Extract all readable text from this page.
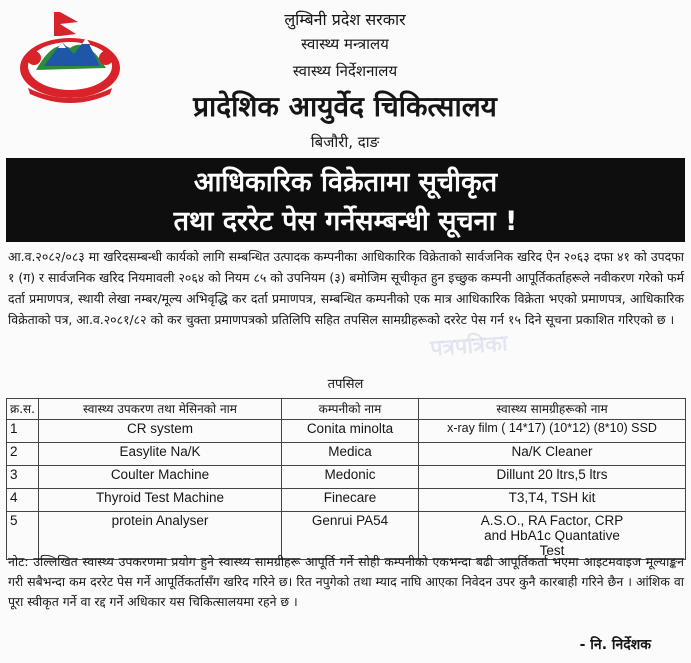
लुम्बिनी प्रदेश सरकार
स्वास्थ्य मन्त्रालय
स्वास्थ्य निर्देशनालय
प्रादेशिक आयुर्वेद चिकित्सालय
बिजौरी, दाङ
आधिकारिक विक्रेतामा सूचीकृत
तथा दररेट पेस गर्नेसम्बन्धी सूचना !
आ.व.२०८२/०८३ मा खरिदसम्बन्धी कार्यको लागि सम्बन्धित उत्पादक कम्पनीका आधिकारिक विक्रेताको सार्वजनिक खरिद ऐन २०६३ दफा ४१ को उपदफा १ (ग) र सार्वजनिक खरिद नियमावली २०६४ को नियम ८५ को उपनियम (३) बमोजिम सूचीकृत हुन इच्छुक कम्पनी आपूर्तिकर्ताहरूले नवीकरण गरेको फर्म दर्ता प्रमाणपत्र, स्थायी लेखा नम्बर/मूल्य अभिवृद्धि कर दर्ता प्रमाणपत्र, सम्बन्धित कम्पनीको एक मात्र आधिकारिक विक्रेता भएको प्रमाणपत्र, आधिकारिक विक्रेताको पत्र, आ.व.२०८१/८२ को कर चुक्ता प्रमाणपत्रको प्रतिलिपि सहित तपसिल सामग्रीहरूको दररेट पेस गर्न १५ दिने सूचना प्रकाशित गरिएको छ ।
पत्रपत्रिका
तपसिल
क्र.स.	स्वास्थ्य उपकरण तथा मेसिनको नाम	कम्पनीको नाम	स्वास्थ्य सामग्रीहरूको नाम
1	CR system	Conita minolta	x-ray film ( 14*17) (10*12) (8*10) SSD
2	Easylite Na/K	Medica	Na/K Cleaner
3	Coulter Machine	Medonic	Dillunt 20 ltrs,5 ltrs
4	Thyroid Test Machine	Finecare	T3,T4, TSH kit
5	protein Analyser	Genrui PA54	A.S.O., RA Factor, CRP and HbA1c Quantative Test
नोट: उल्लिखित स्वास्थ्य उपकरणमा प्रयोग हुने स्वास्थ्य सामग्रीहरू आपूर्ति गर्ने सोही कम्पनीको एकभन्दा बढी आपूर्तिकर्ता भएमा आइटमवाइज मूल्याङ्कन गरी सबैभन्दा कम दररेट पेस गर्ने आपूर्तिकर्तासँग खरिद गरिने छ। रित नपुगेको तथा म्याद नाघि आएका निवेदन उपर कुनै कारबाही गरिने छैन । आंशिक वा पूरा स्वीकृत गर्ने वा रद्द गर्ने अधिकार यस चिकित्सालयमा रहने छ ।
- नि. निर्देशक
